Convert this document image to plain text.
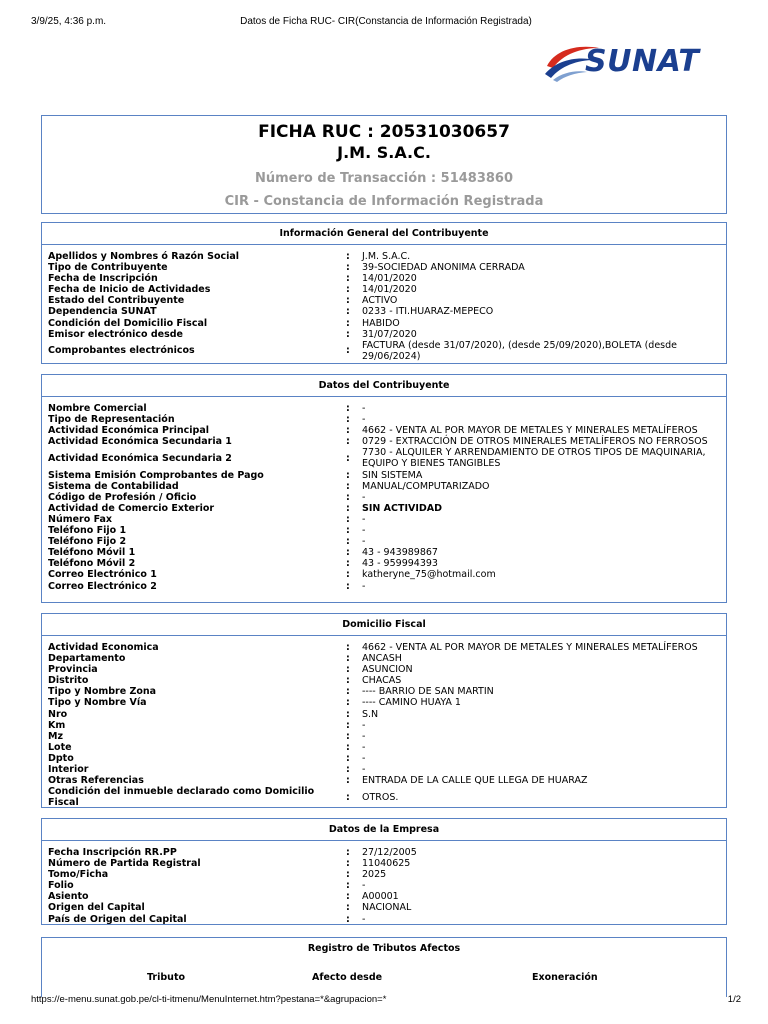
3/9/25, 4:36 p.m.	Datos de Ficha RUC- CIR(Constancia de Información Registrada)
SUNAT
FICHA RUC : 20531030657
J.M. S.A.C.
Número de Transacción : 51483860
CIR - Constancia de Información Registrada
Información General del Contribuyente
Apellidos y Nombres ó Razón Social	:	J.M. S.A.C.
Tipo de Contribuyente	:	39-SOCIEDAD ANONIMA CERRADA
Fecha de Inscripción	:	14/01/2020
Fecha de Inicio de Actividades	:	14/01/2020
Estado del Contribuyente	:	ACTIVO
Dependencia SUNAT	:	0233 - ITI.HUARAZ-MEPECO
Condición del Domicilio Fiscal	:	HABIDO
Emisor electrónico desde	:	31/07/2020
Comprobantes electrónicos	:
FACTURA (desde 31/07/2020), (desde 25/09/2020),BOLETA (desde 29/06/2024)
Datos del Contribuyente
Nombre Comercial	:	-
Tipo de Representación	:	-
Actividad Económica Principal	:	4662 - VENTA AL POR MAYOR DE METALES Y MINERALES METALÍFEROS
Actividad Económica Secundaria 1	:	0729 - EXTRACCIÓN DE OTROS MINERALES METALÍFEROS NO FERROSOS
Actividad Económica Secundaria 2	:
7730 - ALQUILER Y ARRENDAMIENTO DE OTROS TIPOS DE MAQUINARIA, EQUIPO Y BIENES TANGIBLES
Sistema Emisión Comprobantes de Pago	:	SIN SISTEMA
Sistema de Contabilidad	:	MANUAL/COMPUTARIZADO
Código de Profesión / Oficio	:	-
Actividad de Comercio Exterior	:	SIN ACTIVIDAD
Número Fax	:	-
Teléfono Fijo 1	:	-
Teléfono Fijo 2	:	-
Teléfono Móvil 1	:	43 - 943989867
Teléfono Móvil 2	:	43 - 959994393
Correo Electrónico 1	:	katheryne_75@hotmail.com
Correo Electrónico 2	:	-
Domicilio Fiscal
Actividad Economica	:	4662 - VENTA AL POR MAYOR DE METALES Y MINERALES METALÍFEROS
Departamento	:	ANCASH
Provincia	:	ASUNCION
Distrito	:	CHACAS
Tipo y Nombre Zona	:	---- BARRIO DE SAN MARTIN
Tipo y Nombre Vía	:	---- CAMINO HUAYA 1
Nro	:	S.N
Km	:	-
Mz	:	-
Lote	:	-
Dpto	:	-
Interior	:	-
Otras Referencias	:	ENTRADA DE LA CALLE QUE LLEGA DE HUARAZ
Condición del inmueble declarado como Domicilio Fiscal
:	OTROS.
Datos de la Empresa
Fecha Inscripción RR.PP	:	27/12/2005
Número de Partida Registral	:	11040625
Tomo/Ficha	:	2025
Folio	:	-
Asiento	:	A00001
Origen del Capital	:	NACIONAL
País de Origen del Capital	:	-
Registro de Tributos Afectos
Tributo	Afecto desde	Exoneración
https://e-menu.sunat.gob.pe/cl-ti-itmenu/MenuInternet.htm?pestana=*&agrupacion=*	1/2
